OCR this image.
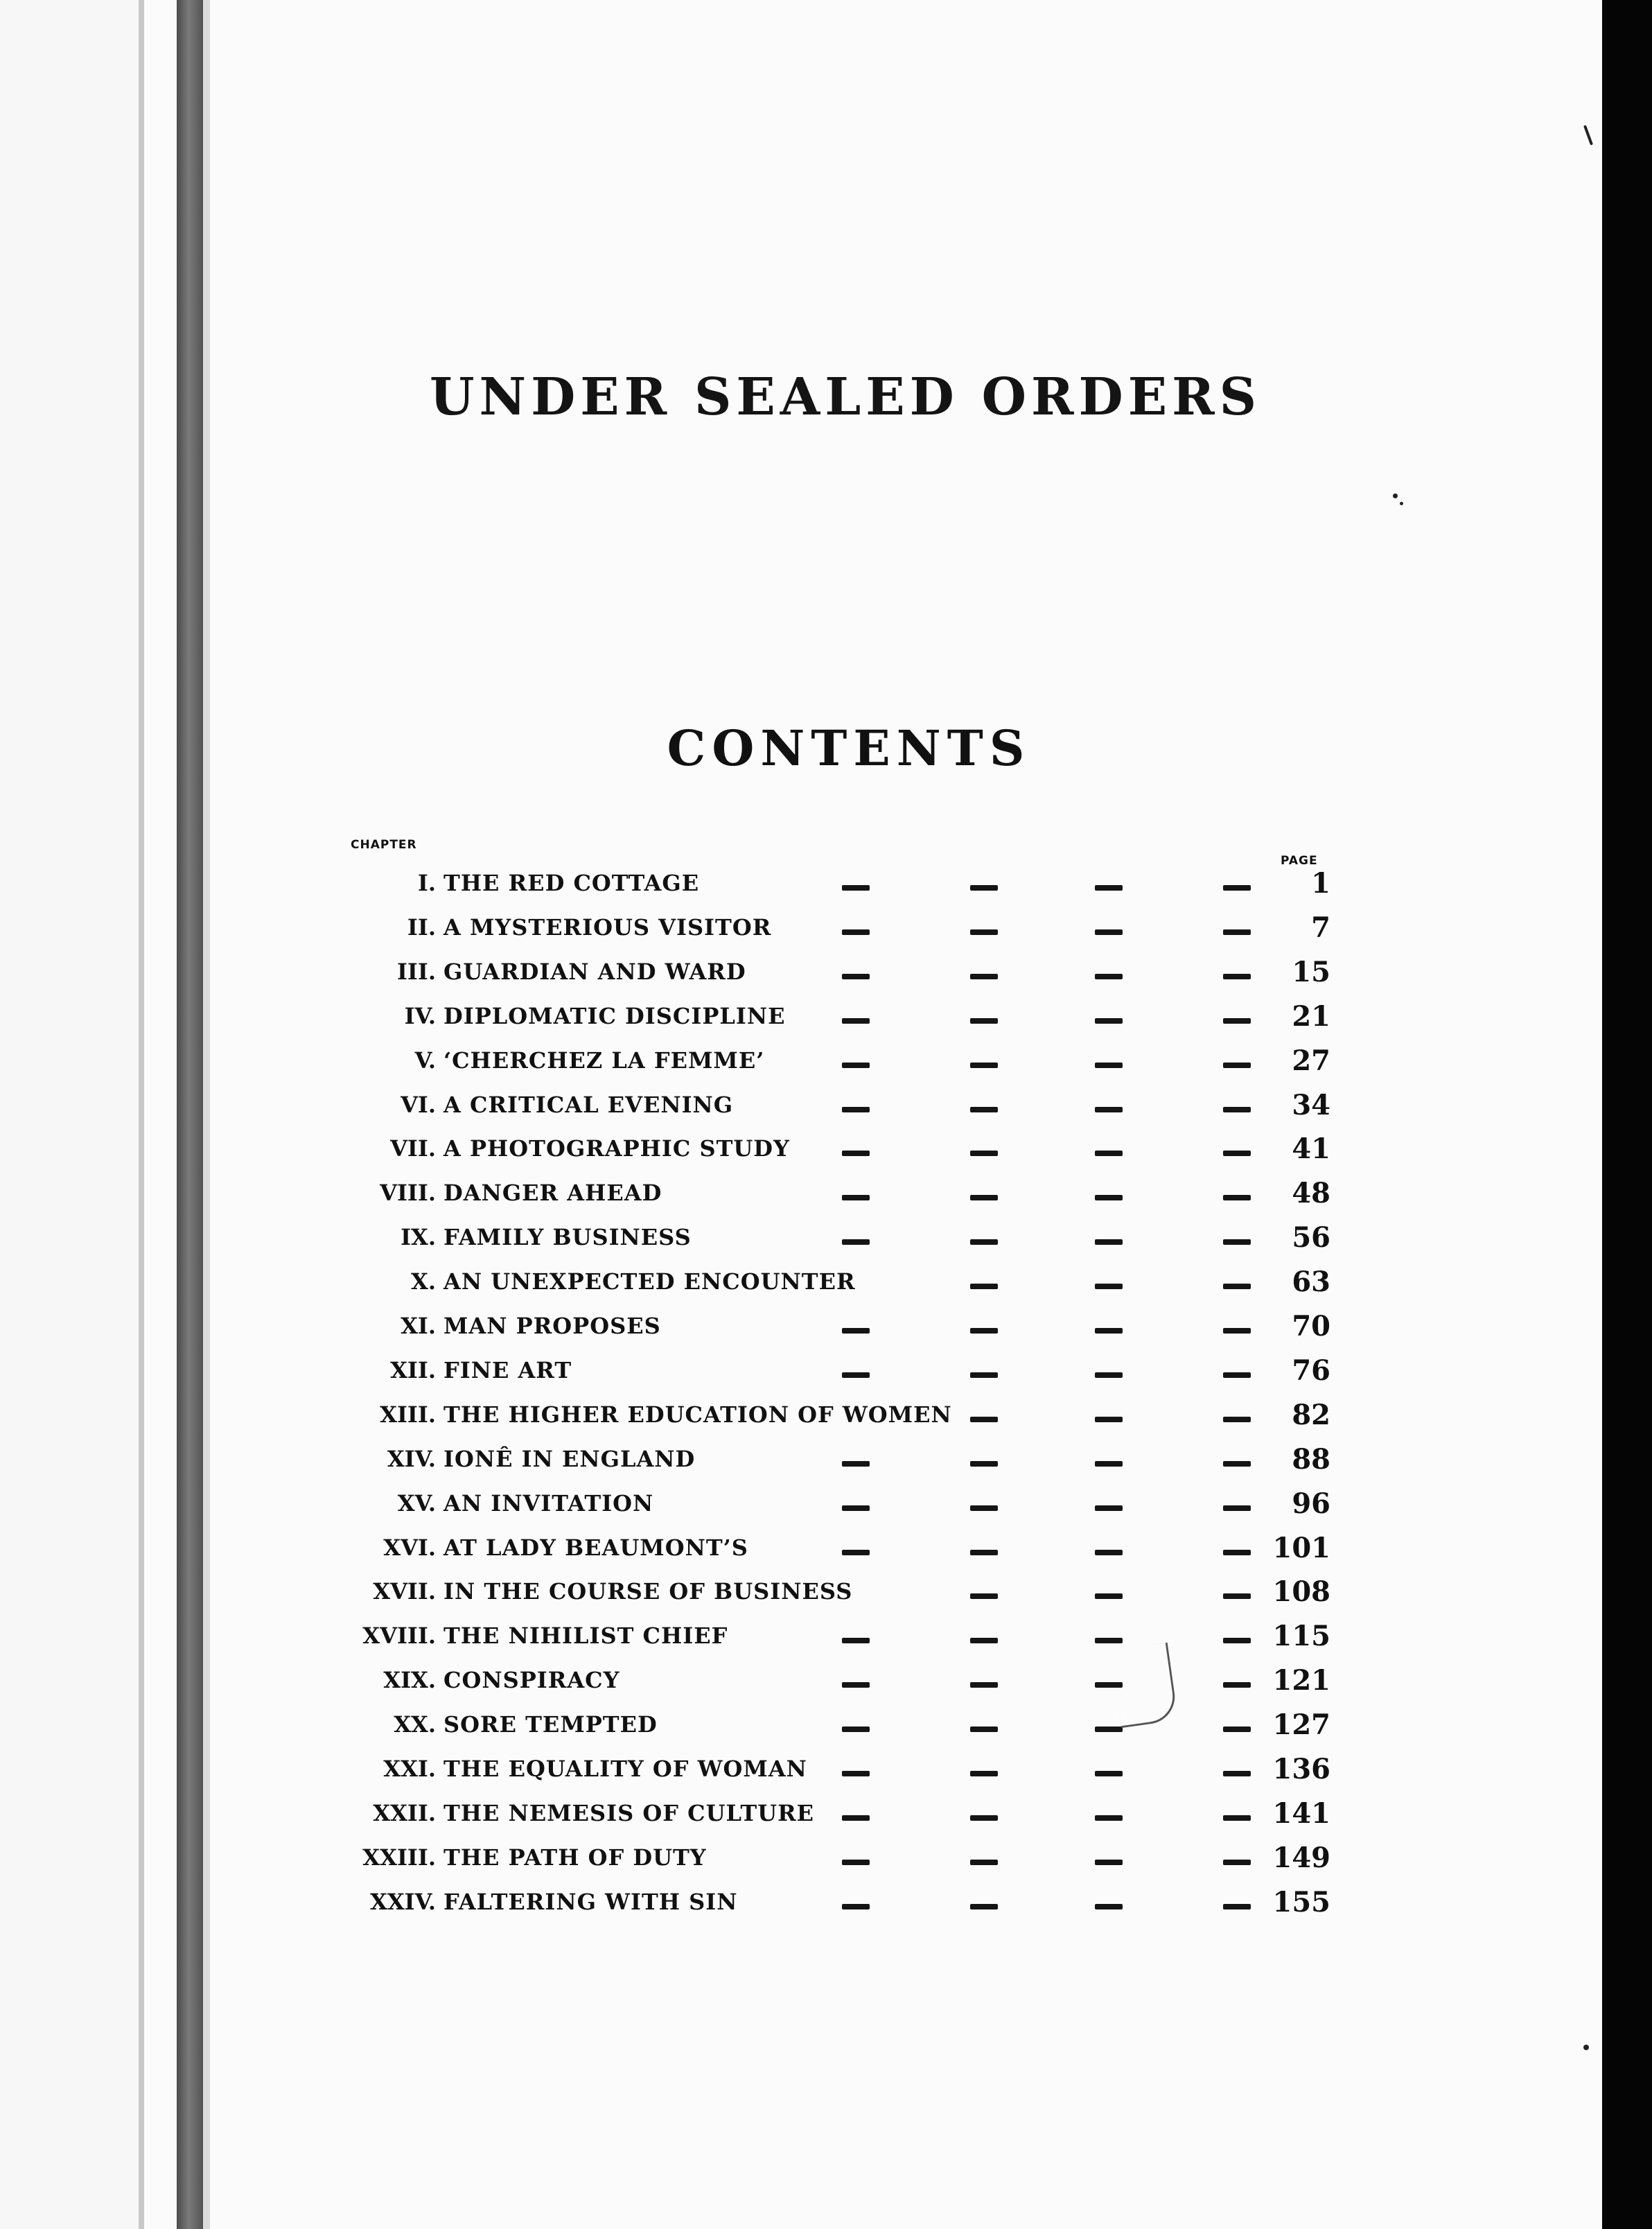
UNDER SEALED ORDERS
CONTENTS
CHAPTER
PAGE
I. THE RED COTTAGE	1
II. A MYSTERIOUS VISITOR	7
III. GUARDIAN AND WARD	15
IV. DIPLOMATIC DISCIPLINE	21
V. ‘CHERCHEZ LA FEMME’	27
VI. A CRITICAL EVENING	34
VII. A PHOTOGRAPHIC STUDY	41
VIII. DANGER AHEAD	48
IX. FAMILY BUSINESS	56
X. AN UNEXPECTED ENCOUNTER	63
XI. MAN PROPOSES	70
XII. FINE ART	76
XIII. THE HIGHER EDUCATION OF WOMEN	82
XIV. IONÊ IN ENGLAND	88
XV. AN INVITATION	96
XVI. AT LADY BEAUMONT’S	101
XVII. IN THE COURSE OF BUSINESS	108
XVIII. THE NIHILIST CHIEF	115
XIX. CONSPIRACY	121
XX. SORE TEMPTED	127
XXI. THE EQUALITY OF WOMAN	136
XXII. THE NEMESIS OF CULTURE	141
XXIII. THE PATH OF DUTY	149
XXIV. FALTERING WITH SIN	155
